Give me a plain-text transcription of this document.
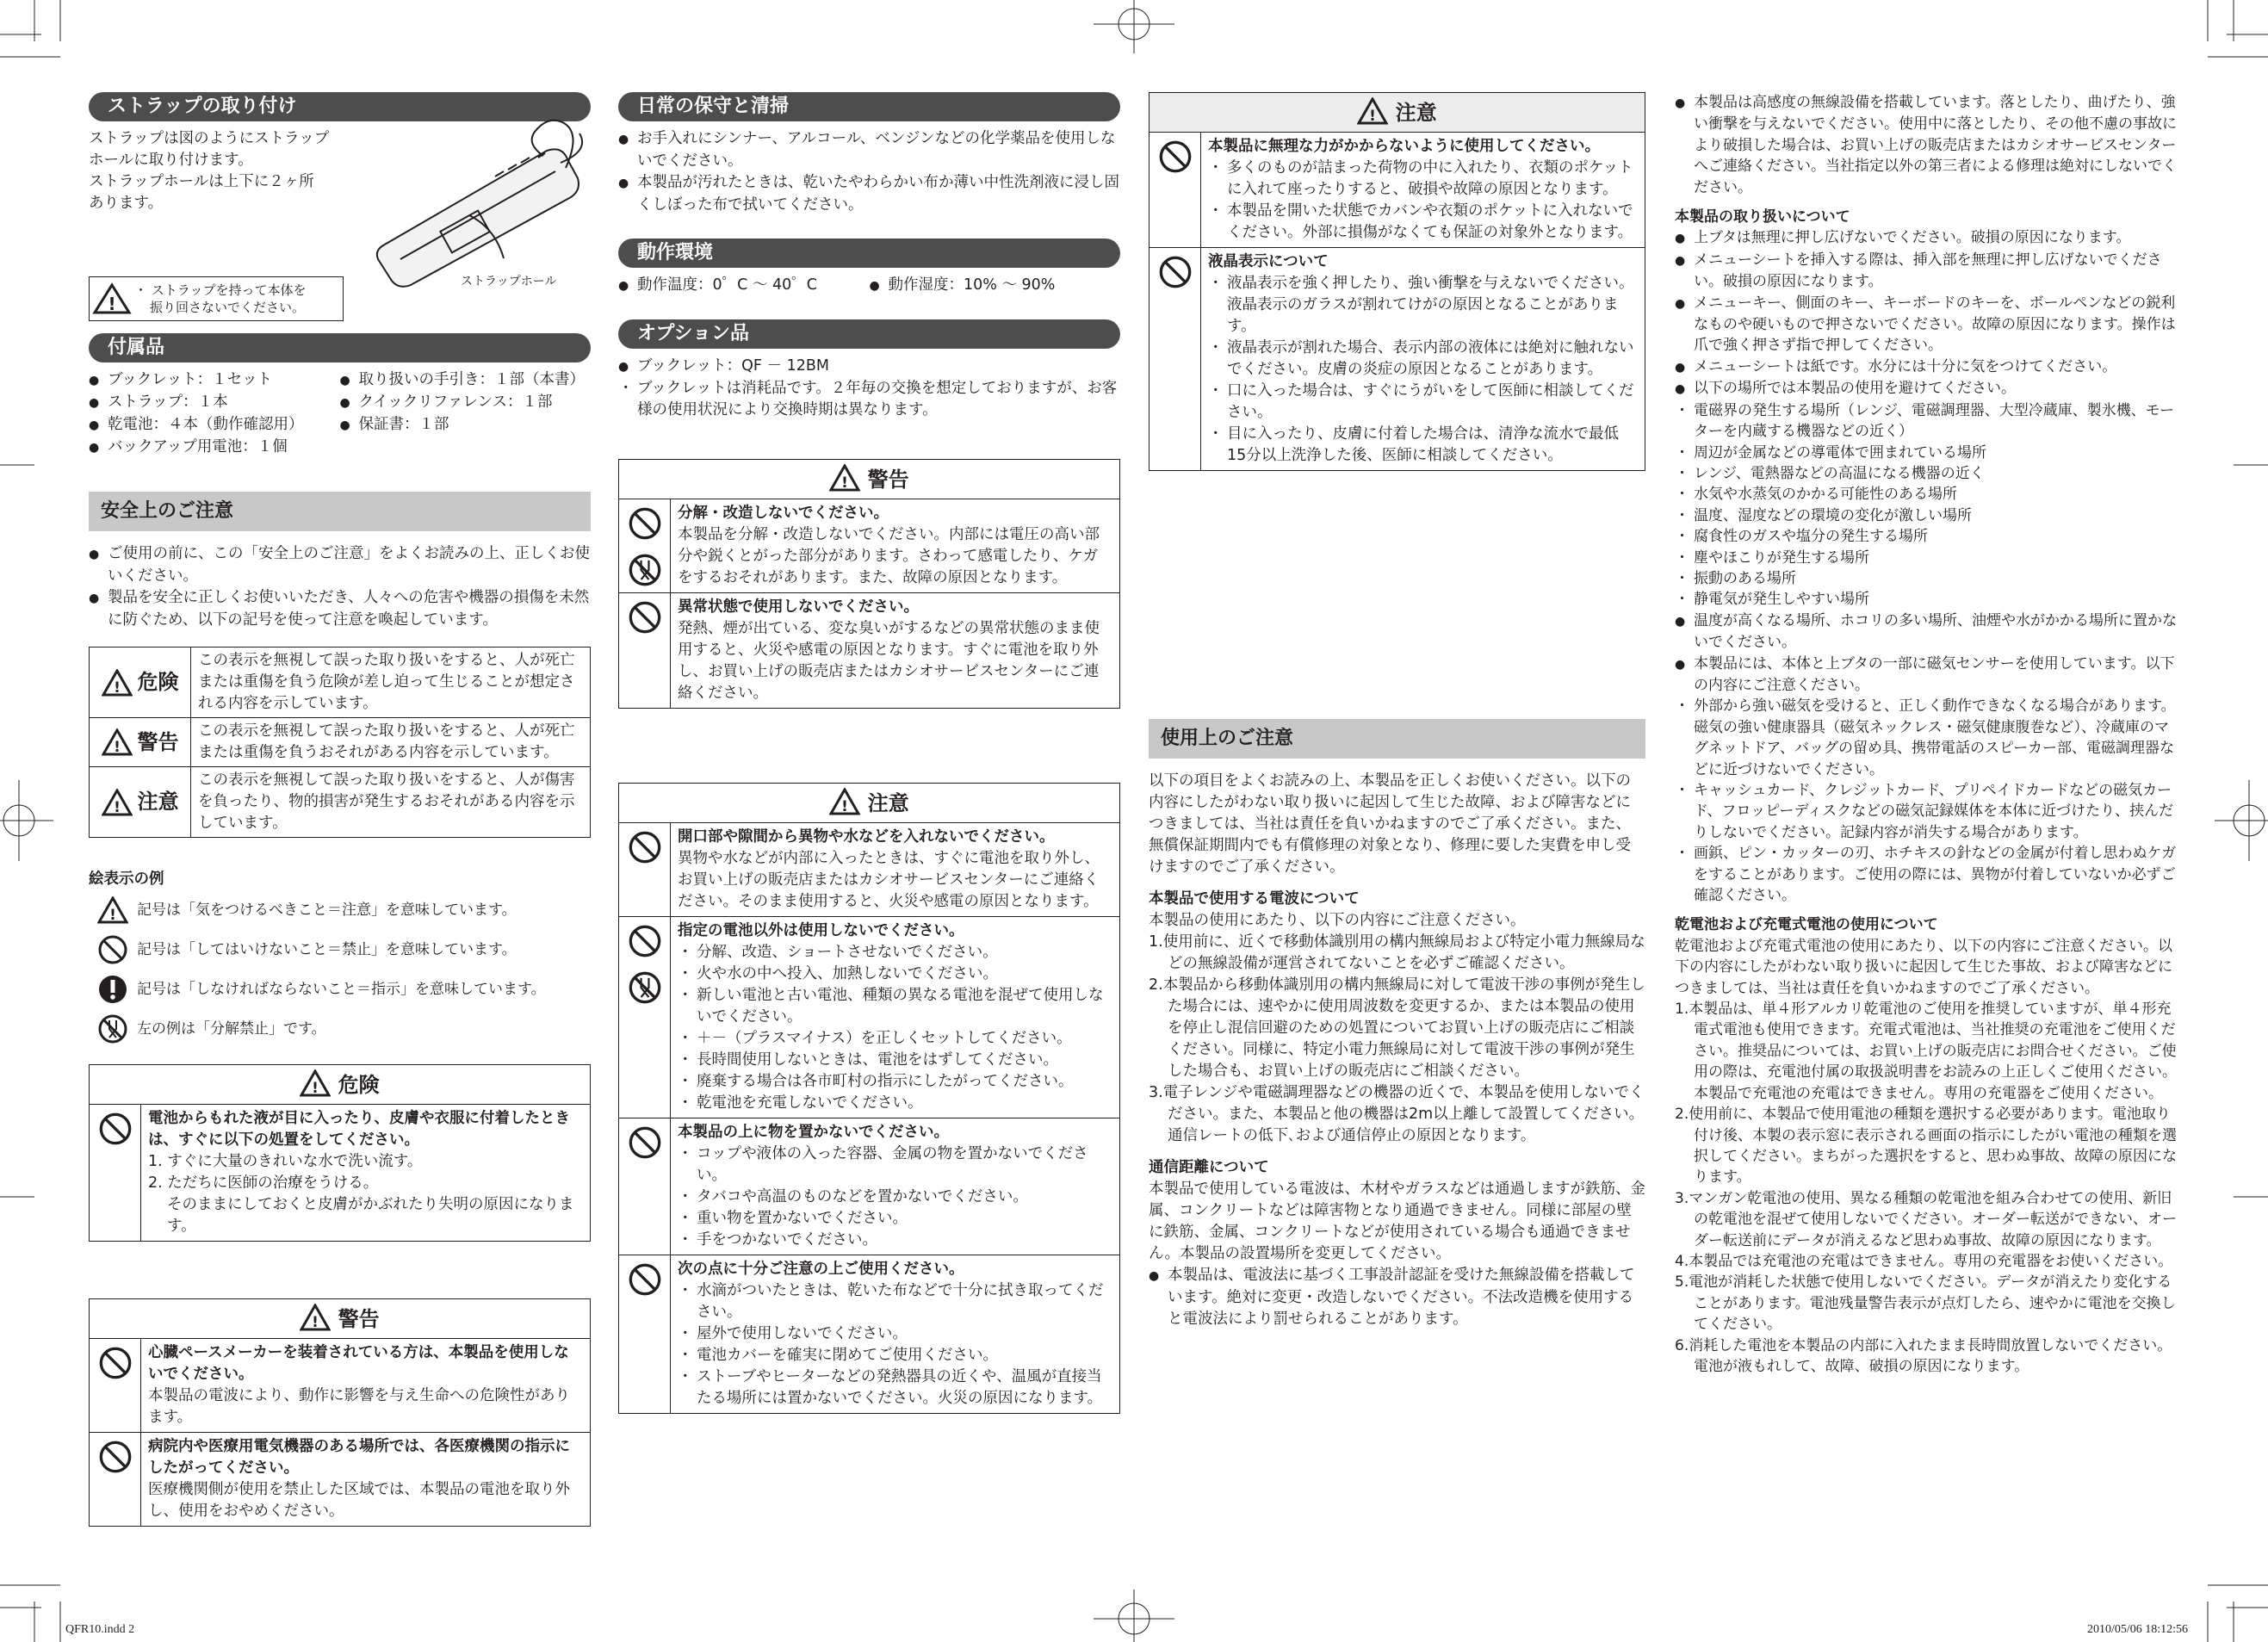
ストラップの取り付け
ストラップは図のようにストラップ
ホールに取り付けます。
ストラップホールは上下に２ヶ所
あります。
!
・ ストラップを持って本体を
振り回さないでください。
ストラップホール
付属品
● ブックレット：１セット
● ストラップ：１本
● 乾電池：４本（動作確認用）
● バックアップ用電池：１個
● 取り扱いの手引き：１部（本書）
● クイックリファレンス：１部
● 保証書：１部
安全上のご注意
● ご使用の前に、この「安全上のご注意」をよくお読みの上、正しくお使いください。
● 製品を安全に正しくお使いいただき、人々への危害や機器の損傷を未然に防ぐため、以下の記号を使って注意を喚起しています。
! 危険
この表示を無視して誤った取り扱いをすると、人が死亡または重傷を負う危険が差し迫って生じることが想定される内容を示しています。
! 警告	この表示を無視して誤った取り扱いをすると、人が死亡または重傷を負うおそれがある内容を示しています。
! 注意
この表示を無視して誤った取り扱いをすると、人が傷害を負ったり、物的損害が発生するおそれがある内容を示しています。
絵表示の例
! 記号は「気をつけるべきこと＝注意」を意味しています。
記号は「してはいけないこと＝禁止」を意味しています。
記号は「しなければならないこと＝指示」を意味しています。
左の例は「分解禁止」です。
! 危険
電池からもれた液が目に入ったり、皮膚や衣服に付着したときは、すぐに以下の処置をしてください。
1. すぐに大量のきれいな水で洗い流す。
2. ただちに医師の治療をうける。
そのままにしておくと皮膚がかぶれたり失明の原因になります。
! 警告
心臓ペースメーカーを装着されている方は、本製品を使用しないでください。
本製品の電波により、動作に影響を与え生命への危険性があります。
病院内や医療用電気機器のある場所では、各医療機関の指示にしたがってください。
医療機関側が使用を禁止した区域では、本製品の電池を取り外し、使用をおやめください。
日常の保守と清掃
● お手入れにシンナー、アルコール、ベンジンなどの化学薬品を使用しないでください。
● 本製品が汚れたときは、乾いたやわらかい布か薄い中性洗剤液に浸し固くしぼった布で拭いてください。
動作環境
● 動作温度：0゜C 〜 40゜C
●	動作湿度：10% 〜 90%
オプション品
● ブックレット：QF － 12BM
・ ブックレットは消耗品です。２年毎の交換を想定しておりますが、お客様の使用状況により交換時期は異なります。
! 警告
分解・改造しないでください。
本製品を分解・改造しないでください。内部には電圧の高い部分や鋭くとがった部分があります。さわって感電したり、ケガをするおそれがあります。また、故障の原因となります。
異常状態で使用しないでください。
発熱、煙が出ている、変な臭いがするなどの異常状態のまま使用すると、火災や感電の原因となります。すぐに電池を取り外し、お買い上げの販売店またはカシオサービスセンターにご連絡ください。
! 注意
開口部や隙間から異物や水などを入れないでください。
異物や水などが内部に入ったときは、すぐに電池を取り外し、お買い上げの販売店またはカシオサービスセンターにご連絡ください。そのまま使用すると、火災や感電の原因となります。
指定の電池以外は使用しないでください。
・ 分解、改造、ショートさせないでください。
・ 火や水の中へ投入、加熱しないでください。
・ 新しい電池と古い電池、種類の異なる電池を混ぜて使用しないでください。
・ ＋－（プラスマイナス）を正しくセットしてください。
・ 長時間使用しないときは、電池をはずしてください。
・ 廃棄する場合は各市町村の指示にしたがってください。
・ 乾電池を充電しないでください。
本製品の上に物を置かないでください。
・ コップや液体の入った容器、金属の物を置かないでください。
・ タバコや高温のものなどを置かないでください。
・ 重い物を置かないでください。
・ 手をつかないでください。
次の点に十分ご注意の上ご使用ください。
・ 水滴がついたときは、乾いた布などで十分に拭き取ってください。
・ 屋外で使用しないでください。
・ 電池カバーを確実に閉めてご使用ください。
・ ストーブやヒーターなどの発熱器具の近くや、温風が直接当たる場所には置かないでください。火災の原因になります。
! 注意
本製品に無理な力がかからないように使用してください。
・ 多くのものが詰まった荷物の中に入れたり、衣類のポケットに入れて座ったりすると、破損や故障の原因となります。
・ 本製品を開いた状態でカバンや衣類のポケットに入れないでください。外部に損傷がなくても保証の対象外となります。
液晶表示について
・ 液晶表示を強く押したり、強い衝撃を与えないでください。液晶表示のガラスが割れてけがの原因となることがあります。
・ 液晶表示が割れた場合、表示内部の液体には絶対に触れないでください。皮膚の炎症の原因となることがあります。
・ 口に入った場合は、すぐにうがいをして医師に相談してください。
・ 目に入ったり、皮膚に付着した場合は、清浄な流水で最低15分以上洗浄した後、医師に相談してください。
使用上のご注意
以下の項目をよくお読みの上、本製品を正しくお使いください。以下の内容にしたがわない取り扱いに起因して生じた故障、および障害などにつきましては、当社は責任を負いかねますのでご了承ください。また、無償保証期間内でも有償修理の対象となり、修理に要した実費を申し受けますのでご了承ください。
本製品で使用する電波について
本製品の使用にあたり、以下の内容にご注意ください。
1.使用前に、近くで移動体識別用の構内無線局および特定小電力無線局などの無線設備が運営されてないことを必ずご確認ください。
2.本製品から移動体識別用の構内無線局に対して電波干渉の事例が発生した場合には、速やかに使用周波数を変更するか、または本製品の使用を停止し混信回避のための処置についてお買い上げの販売店にご相談ください。同様に、特定小電力無線局に対して電波干渉の事例が発生した場合も、お買い上げの販売店にご相談ください。
3.電子レンジや電磁調理器などの機器の近くで、本製品を使用しないでください。また、本製品と他の機器は2m以上離して設置してください。通信レートの低下､および通信停止の原因となります。
通信距離について
本製品で使用している電波は、木材やガラスなどは通過しますが鉄筋、金属、コンクリートなどは障害物となり通過できません。同様に部屋の壁に鉄筋、金属、コンクリートなどが使用されている場合も通過できません。本製品の設置場所を変更してください。
● 本製品は、電波法に基づく工事設計認証を受けた無線設備を搭載しています。絶対に変更・改造しないでください。不法改造機を使用すると電波法により罰せられることがあります。
● 本製品は高感度の無線設備を搭載しています。落としたり、曲げたり、強い衝撃を与えないでください。使用中に落としたり、その他不慮の事故により破損した場合は、お買い上げの販売店またはカシオサービスセンターへご連絡ください。当社指定以外の第三者による修理は絶対にしないでください。
本製品の取り扱いについて
● 上ブタは無理に押し広げないでください。破損の原因になります。
● メニューシートを挿入する際は、挿入部を無理に押し広げないでください。破損の原因になります。
● メニューキー、側面のキー、キーボードのキーを、ボールペンなどの鋭利なものや硬いもので押さないでください。故障の原因になります。操作は爪で強く押さず指で押してください。
● メニューシートは紙です。水分には十分に気をつけてください。
● 以下の場所では本製品の使用を避けてください。
・ 電磁界の発生する場所（レンジ、電磁調理器、大型冷蔵庫、製氷機、モーターを内蔵する機器などの近く）
・ 周辺が金属などの導電体で囲まれている場所
・ レンジ、電熱器などの高温になる機器の近く
・ 水気や水蒸気のかかる可能性のある場所
・ 温度、湿度などの環境の変化が激しい場所
・ 腐食性のガスや塩分の発生する場所
・ 塵やほこりが発生する場所
・ 振動のある場所
・ 静電気が発生しやすい場所
● 温度が高くなる場所、ホコリの多い場所、油煙や水がかかる場所に置かないでください。
● 本製品には、本体と上ブタの一部に磁気センサーを使用しています。以下の内容にご注意ください。
・ 外部から強い磁気を受けると、正しく動作できなくなる場合があります。磁気の強い健康器具（磁気ネックレス・磁気健康腹巻など）、冷蔵庫のマグネットドア、バッグの留め具、携帯電話のスピーカー部、電磁調理器などに近づけないでください。
・ キャッシュカード、クレジットカード、プリペイドカードなどの磁気カード、フロッピーディスクなどの磁気記録媒体を本体に近づけたり、挟んだりしないでください。記録内容が消失する場合があります。
・ 画鋲、ピン・カッターの刃、ホチキスの針などの金属が付着し思わぬケガをすることがあります。ご使用の際には、異物が付着していないか必ずご確認ください。
乾電池および充電式電池の使用について
乾電池および充電式電池の使用にあたり、以下の内容にご注意ください。以下の内容にしたがわない取り扱いに起因して生じた事故、および障害などにつきましては、当社は責任を負いかねますのでご了承ください。
1.本製品は、単４形アルカリ乾電池のご使用を推奨していますが、単４形充電式電池も使用できます。充電式電池は、当社推奨の充電池をご使用ください。推奨品については、お買い上げの販売店にお問合せください。ご使用の際は、充電池付属の取扱説明書をお読みの上正しくご使用ください。本製品で充電池の充電はできません。専用の充電器をご使用ください。
2.使用前に、本製品で使用電池の種類を選択する必要があります。電池取り付け後、本製の表示窓に表示される画面の指示にしたがい電池の種類を選択してください。まちがった選択をすると、思わぬ事故、故障の原因になります。
3.マンガン乾電池の使用、異なる種類の乾電池を組み合わせての使用、新旧の乾電池を混ぜて使用しないでください。オーダー転送ができない、オーダー転送前にデータが消えるなど思わぬ事故、故障の原因になります。
4.本製品では充電池の充電はできません。専用の充電器をお使いください。
5.電池が消耗した状態で使用しないでください。データが消えたり変化することがあります。電池残量警告表示が点灯したら、速やかに電池を交換してください。
6.消耗した電池を本製品の内部に入れたまま長時間放置しないでください。電池が液もれして、故障、破損の原因になります。
QFR10.indd 2	2010/05/06 18:12:56
